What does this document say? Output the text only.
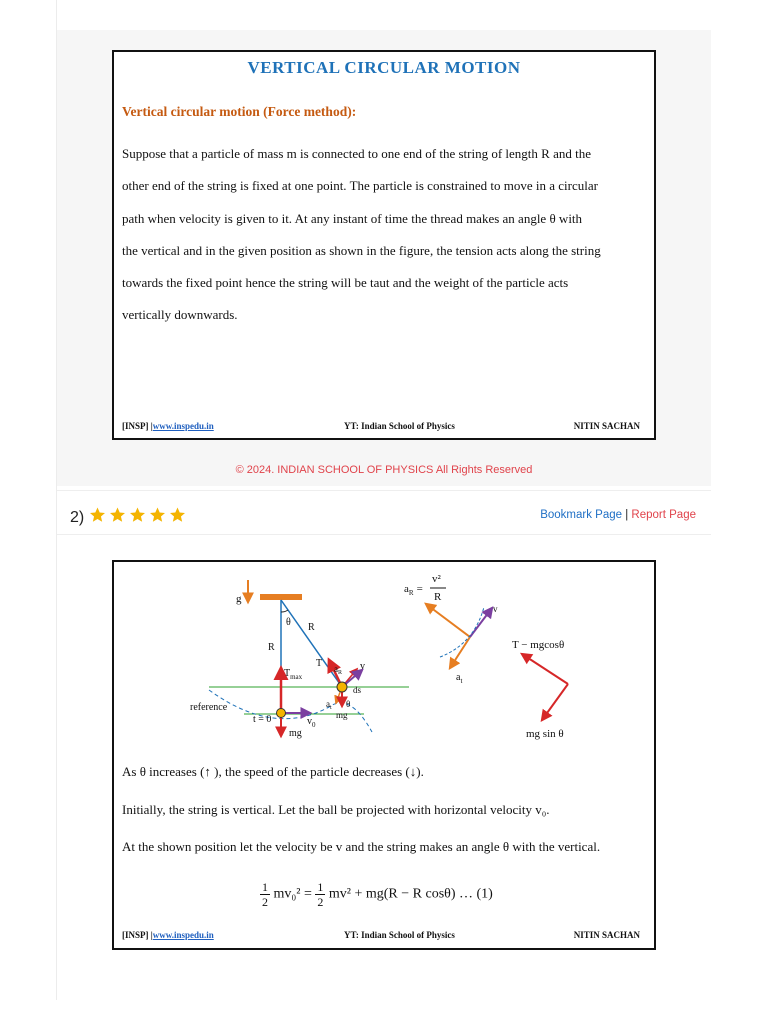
VERTICAL CIRCULAR MOTION
Vertical circular motion (Force method):
Suppose that a particle of mass m is connected to one end of the string of length R and the
other end of the string is fixed at one point. The particle is constrained to move in a circular
path when velocity is given to it. At any instant of time the thread makes an angle θ with
the vertical and in the given position as shown in the figure, the tension acts along the string
towards the fixed point hence the string will be taut and the weight of the particle acts
vertically downwards.
[INSP] |www.inspedu.in	YT: Indian School of Physics	NITIN SACHAN
© 2024. INDIAN SCHOOL OF PHYSICS All Rights Reserved
2)	Bookmark Page | Report Page
g
θ R
R
$T_{max}$
mg
$v_0$
reference
t = 0
T $a_R$
v
$a_t$
ds
θ
mg
$a_R$ =
v²
R
v
$a_t$
T − mgcosθ
mg sin θ
As θ increases (↑ ), the speed of the particle decreases (↓).
Initially, the string is vertical. Let the ball be projected with horizontal velocity v₀.
At the shown position let the velocity be v and the string makes an angle θ with the vertical.
$\frac{1}{2} mv_0^2 = \frac{1}{2} mv^2 + mg(R - R$ cosθ) … (1)
[INSP] |www.inspedu.in	YT: Indian School of Physics	NITIN SACHAN
